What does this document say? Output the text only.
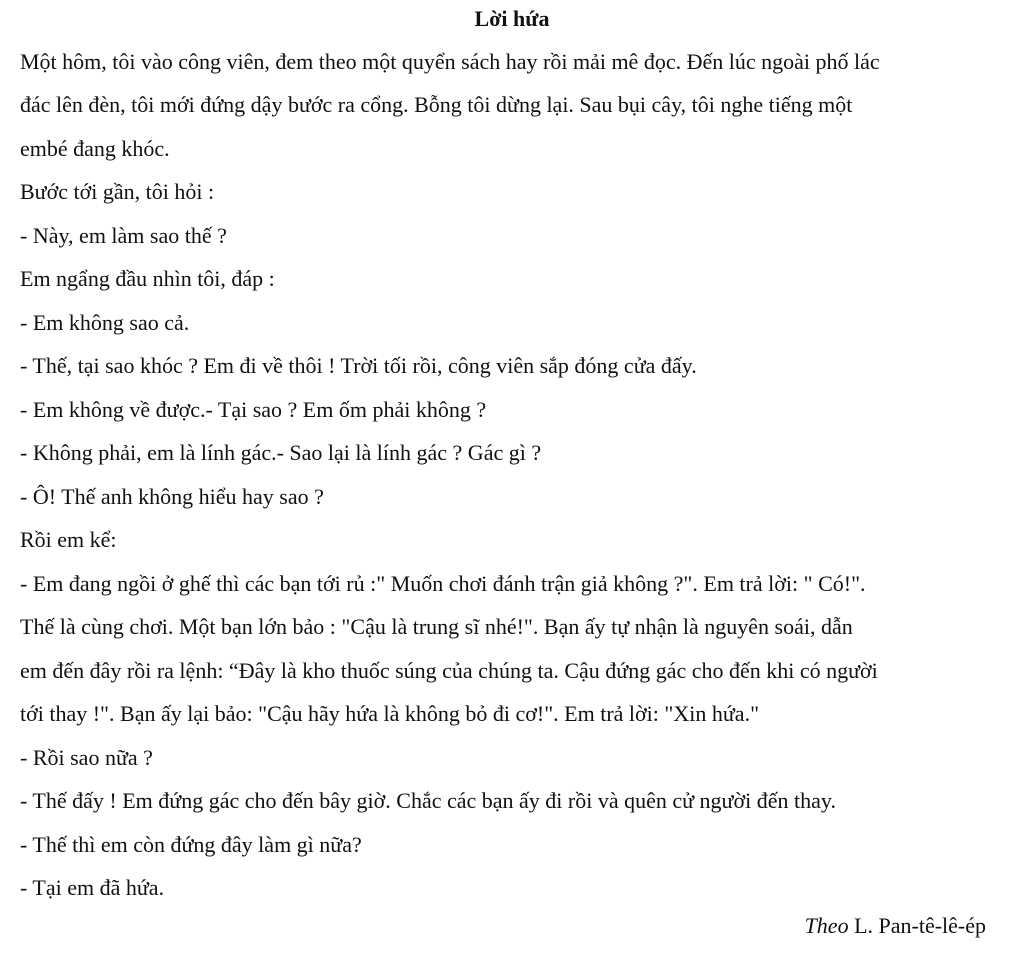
Lời hứa
Một hôm, tôi vào công viên, đem theo một quyển sách hay rồi mải mê đọc. Đến lúc ngoài phố lác
đác lên đèn, tôi mới đứng dậy bước ra cổng. Bỗng tôi dừng lại. Sau bụi cây, tôi nghe tiếng một
embé đang khóc.
Bước tới gần, tôi hỏi :
- Này, em làm sao thế ?
Em ngẩng đầu nhìn tôi, đáp :
- Em không sao cả.
- Thế, tại sao khóc ? Em đi về thôi ! Trời tối rồi, công viên sắp đóng cửa đấy.
- Em không về được.- Tại sao ? Em ốm phải không ?
- Không phải, em là lính gác.- Sao lại là lính gác ? Gác gì ?
- Ô! Thế anh không hiểu hay sao ?
Rồi em kể:
- Em đang ngồi ở ghế thì các bạn tới rủ :" Muốn chơi đánh trận giả không ?". Em trả lời: " Có!".
Thế là cùng chơi. Một bạn lớn bảo : "Cậu là trung sĩ nhé!". Bạn ấy tự nhận là nguyên soái, dẫn
em đến đây rồi ra lệnh: “Đây là kho thuốc súng của chúng ta. Cậu đứng gác cho đến khi có người
tới thay !". Bạn ấy lại bảo: "Cậu hãy hứa là không bỏ đi cơ!". Em trả lời: "Xin hứa."
- Rồi sao nữa ?
- Thế đấy ! Em đứng gác cho đến bây giờ. Chắc các bạn ấy đi rồi và quên cử người đến thay.
- Thế thì em còn đứng đây làm gì nữa?
- Tại em đã hứa.
Theo L. Pan-tê-lê-ép
